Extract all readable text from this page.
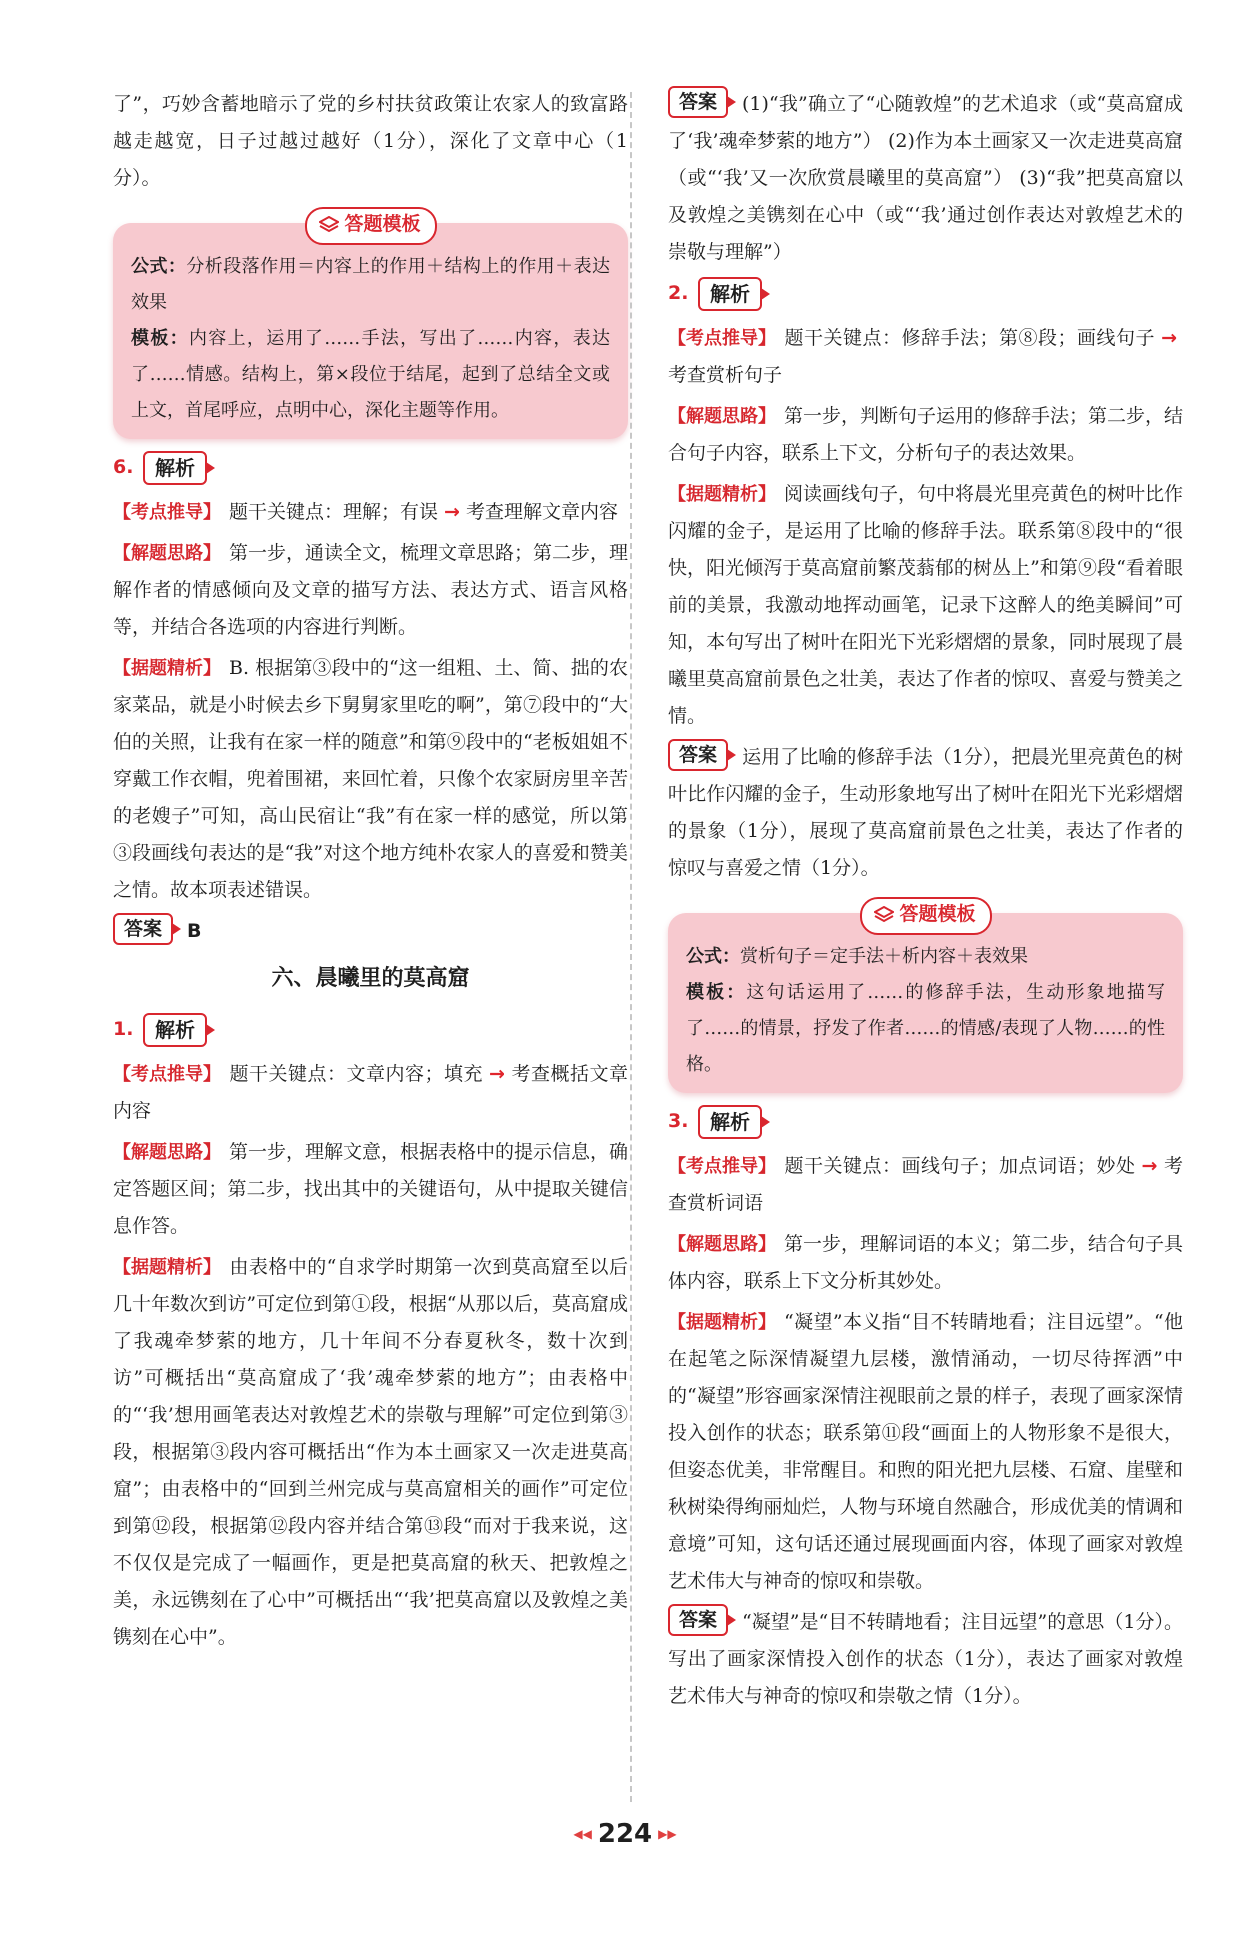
了”，巧妙含蓄地暗示了党的乡村扶贫政策让农家人的致富路越走越宽，日子过越过越好（1分），深化了文章中心（1分）。

答题模板

公式：分析段落作用＝内容上的作用＋结构上的作用＋表达效果

模板：内容上，运用了……手法，写出了……内容，表达了……情感。结构上，第×段位于结尾，起到了总结全文或上文，首尾呼应，点明中心，深化主题等作用。

6.	解析

【考点推导】 题干关键点：理解；有误 → 考查理解文章内容

【解题思路】 第一步，通读全文，梳理文章思路；第二步，理解作者的情感倾向及文章的描写方法、表达方式、语言风格等，并结合各选项的内容进行判断。

【据题精析】 B. 根据第③段中的“这一组粗、土、简、拙的农家菜品，就是小时候去乡下舅舅家里吃的啊”，第⑦段中的“大伯的关照，让我有在家一样的随意”和第⑨段中的“老板姐姐不穿戴工作衣帽，兜着围裙，来回忙着，只像个农家厨房里辛苦的老嫂子”可知，高山民宿让“我”有在家一样的感觉，所以第③段画线句表达的是“我”对这个地方纯朴农家人的喜爱和赞美之情。故本项表述错误。

答案 B

六、晨曦里的莫高窟
1.	解析

【考点推导】 题干关键点：文章内容；填充 → 考查概括文章内容

【解题思路】 第一步，理解文意，根据表格中的提示信息，确定答题区间；第二步，找出其中的关键语句，从中提取关键信息作答。

【据题精析】 由表格中的“自求学时期第一次到莫高窟至以后几十年数次到访”可定位到第①段，根据“从那以后，莫高窟成了我魂牵梦萦的地方，几十年间不分春夏秋冬，数十次到访”可概括出“莫高窟成了‘我’魂牵梦萦的地方”；由表格中的“‘我’想用画笔表达对敦煌艺术的崇敬与理解”可定位到第③段，根据第③段内容可概括出“作为本土画家又一次走进莫高窟”；由表格中的“回到兰州完成与莫高窟相关的画作”可定位到第⑫段，根据第⑫段内容并结合第⑬段“而对于我来说，这不仅仅是完成了一幅画作，更是把莫高窟的秋天、把敦煌之美，永远镌刻在了心中”可概括出“‘我’把莫高窟以及敦煌之美镌刻在心中”。

答案 (1)“我”确立了“心随敦煌”的艺术追求（或“莫高窟成了‘我’魂牵梦萦的地方”） (2)作为本土画家又一次走进莫高窟（或“‘我’又一次欣赏晨曦里的莫高窟”） (3)“我”把莫高窟以及敦煌之美镌刻在心中（或“‘我’通过创作表达对敦煌艺术的崇敬与理解”）

2.	解析

【考点推导】 题干关键点：修辞手法；第⑧段；画线句子 →考查赏析句子

【解题思路】 第一步，判断句子运用的修辞手法；第二步，结合句子内容，联系上下文，分析句子的表达效果。

【据题精析】 阅读画线句子，句中将晨光里亮黄色的树叶比作闪耀的金子，是运用了比喻的修辞手法。联系第⑧段中的“很快，阳光倾泻于莫高窟前繁茂蓊郁的树丛上”和第⑨段“看着眼前的美景，我激动地挥动画笔，记录下这醉人的绝美瞬间”可知，本句写出了树叶在阳光下光彩熠熠的景象，同时展现了晨曦里莫高窟前景色之壮美，表达了作者的惊叹、喜爱与赞美之情。

答案 运用了比喻的修辞手法（1分），把晨光里亮黄色的树叶比作闪耀的金子，生动形象地写出了树叶在阳光下光彩熠熠的景象（1分），展现了莫高窟前景色之壮美，表达了作者的惊叹与喜爱之情（1分）。

答题模板

公式：赏析句子＝定手法＋析内容＋表效果

模板：这句话运用了……的修辞手法，生动形象地描写了……的情景，抒发了作者……的情感/表现了人物……的性格。

3.	解析

【考点推导】 题干关键点：画线句子；加点词语；妙处 → 考查赏析词语

【解题思路】 第一步，理解词语的本义；第二步，结合句子具体内容，联系上下文分析其妙处。

【据题精析】 “凝望”本义指“目不转睛地看；注目远望”。“他在起笔之际深情凝望九层楼，激情涌动，一切尽待挥洒”中的“凝望”形容画家深情注视眼前之景的样子，表现了画家深情投入创作的状态；联系第⑪段“画面上的人物形象不是很大，但姿态优美，非常醒目。和煦的阳光把九层楼、石窟、崖壁和秋树染得绚丽灿烂，人物与环境自然融合，形成优美的情调和意境”可知，这句话还通过展现画面内容，体现了画家对敦煌艺术伟大与神奇的惊叹和崇敬。

答案 “凝望”是“目不转睛地看；注目远望”的意思（1分）。写出了画家深情投入创作的状态（1分），表达了画家对敦煌艺术伟大与神奇的惊叹和崇敬之情（1分）。

◀◀ 224 ▶▶
